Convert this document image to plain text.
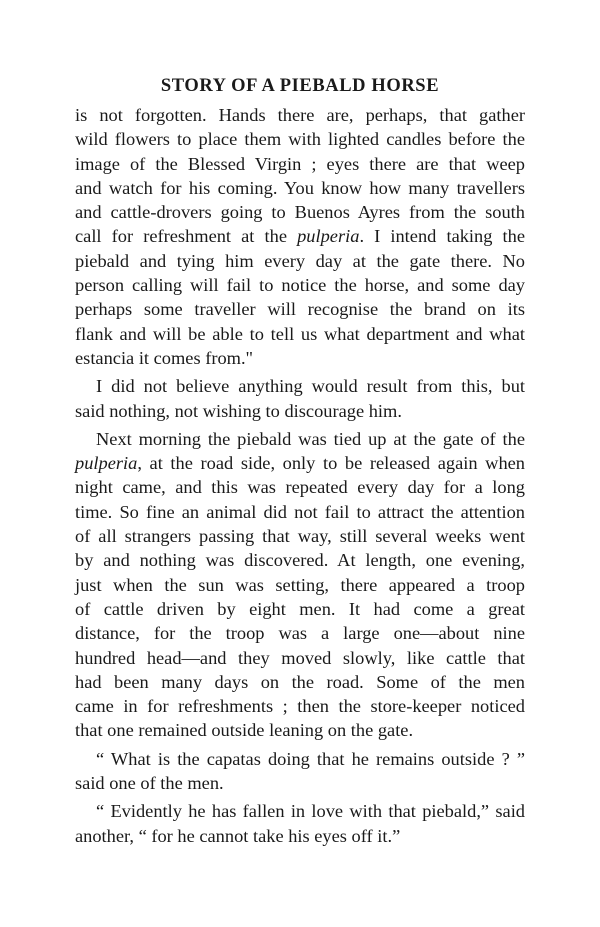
STORY OF A PIEBALD HORSE
is not forgotten. Hands there are, perhaps, that gather
wild flowers to place them with lighted candles before the
image of the Blessed Virgin ; eyes there are that weep
and watch for his coming. You know how many travellers
and cattle-drovers going to Buenos Ayres from the south
call for refreshment at the pulperia. I intend taking the
piebald and tying him every day at the gate there. No
person calling will fail to notice the horse, and some day
perhaps some traveller will recognise the brand on its
flank and will be able to tell us what department and what
estancia it comes from."
I did not believe anything would result from this, but
said nothing, not wishing to discourage him.
Next morning the piebald was tied up at the gate of the
pulperia, at the road side, only to be released again when
night came, and this was repeated every day for a long
time. So fine an animal did not fail to attract the attention
of all strangers passing that way, still several weeks went
by and nothing was discovered. At length, one evening,
just when the sun was setting, there appeared a troop
of cattle driven by eight men. It had come a great
distance, for the troop was a large one—about nine
hundred head—and they moved slowly, like cattle that
had been many days on the road. Some of the men
came in for refreshments ; then the store-keeper noticed
that one remained outside leaning on the gate.
“ What is the capatas doing that he remains outside ? ”
said one of the men.
“ Evidently he has fallen in love with that piebald,” said
another, “ for he cannot take his eyes off it.”
